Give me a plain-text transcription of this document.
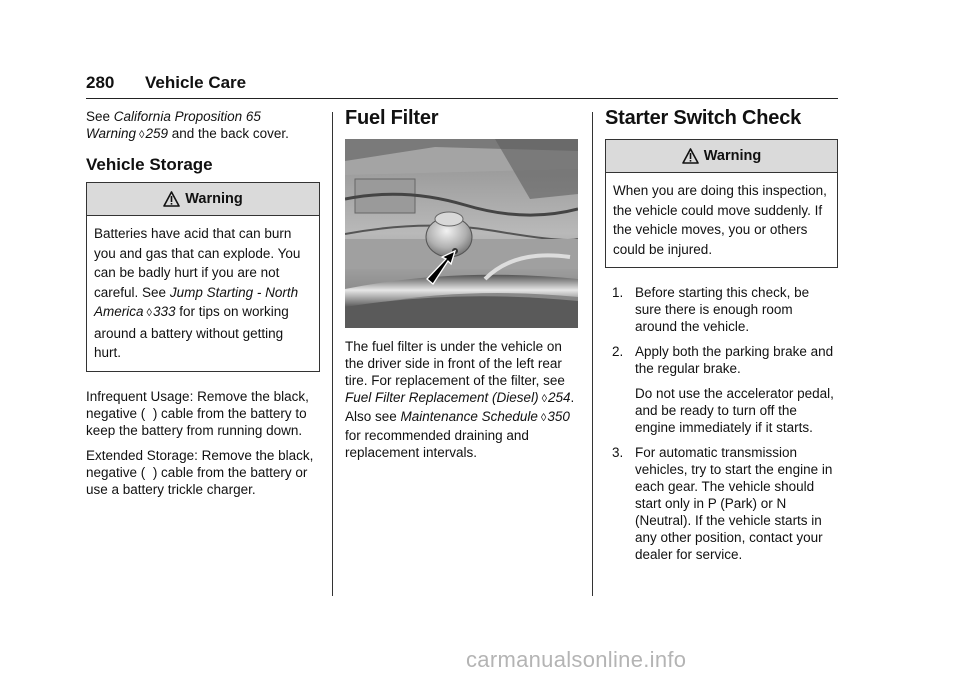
280 Vehicle Care

See California Proposition 65 Warning ◊259 and the back cover.

Vehicle Storage
Warning
Batteries have acid that can burn you and gas that can explode. You can be badly hurt if you are not careful. See Jump Starting - North America ◊333 for tips on working around a battery without getting hurt.

Infrequent Usage: Remove the black, negative ( ) cable from the battery to keep the battery from running down.

Extended Storage: Remove the black, negative ( ) cable from the battery or use a battery trickle charger.

Fuel Filter

The fuel filter is under the vehicle on the driver side in front of the left rear tire. For replacement of the filter, see Fuel Filter Replacement (Diesel) ◊254. Also see Maintenance Schedule ◊350 for recommended draining and replacement intervals.

Starter Switch Check
Warning
When you are doing this inspection, the vehicle could move suddenly. If the vehicle moves, you or others could be injured.
1. Before starting this check, be sure there is enough room around the vehicle.
2. Apply both the parking brake and the regular brake.

Do not use the accelerator pedal, and be ready to turn off the engine immediately if it starts.

3. For automatic transmission vehicles, try to start the engine in each gear. The vehicle should start only in P (Park) or N (Neutral). If the vehicle starts in any other position, contact your dealer for service.
carmanualsonline.info
